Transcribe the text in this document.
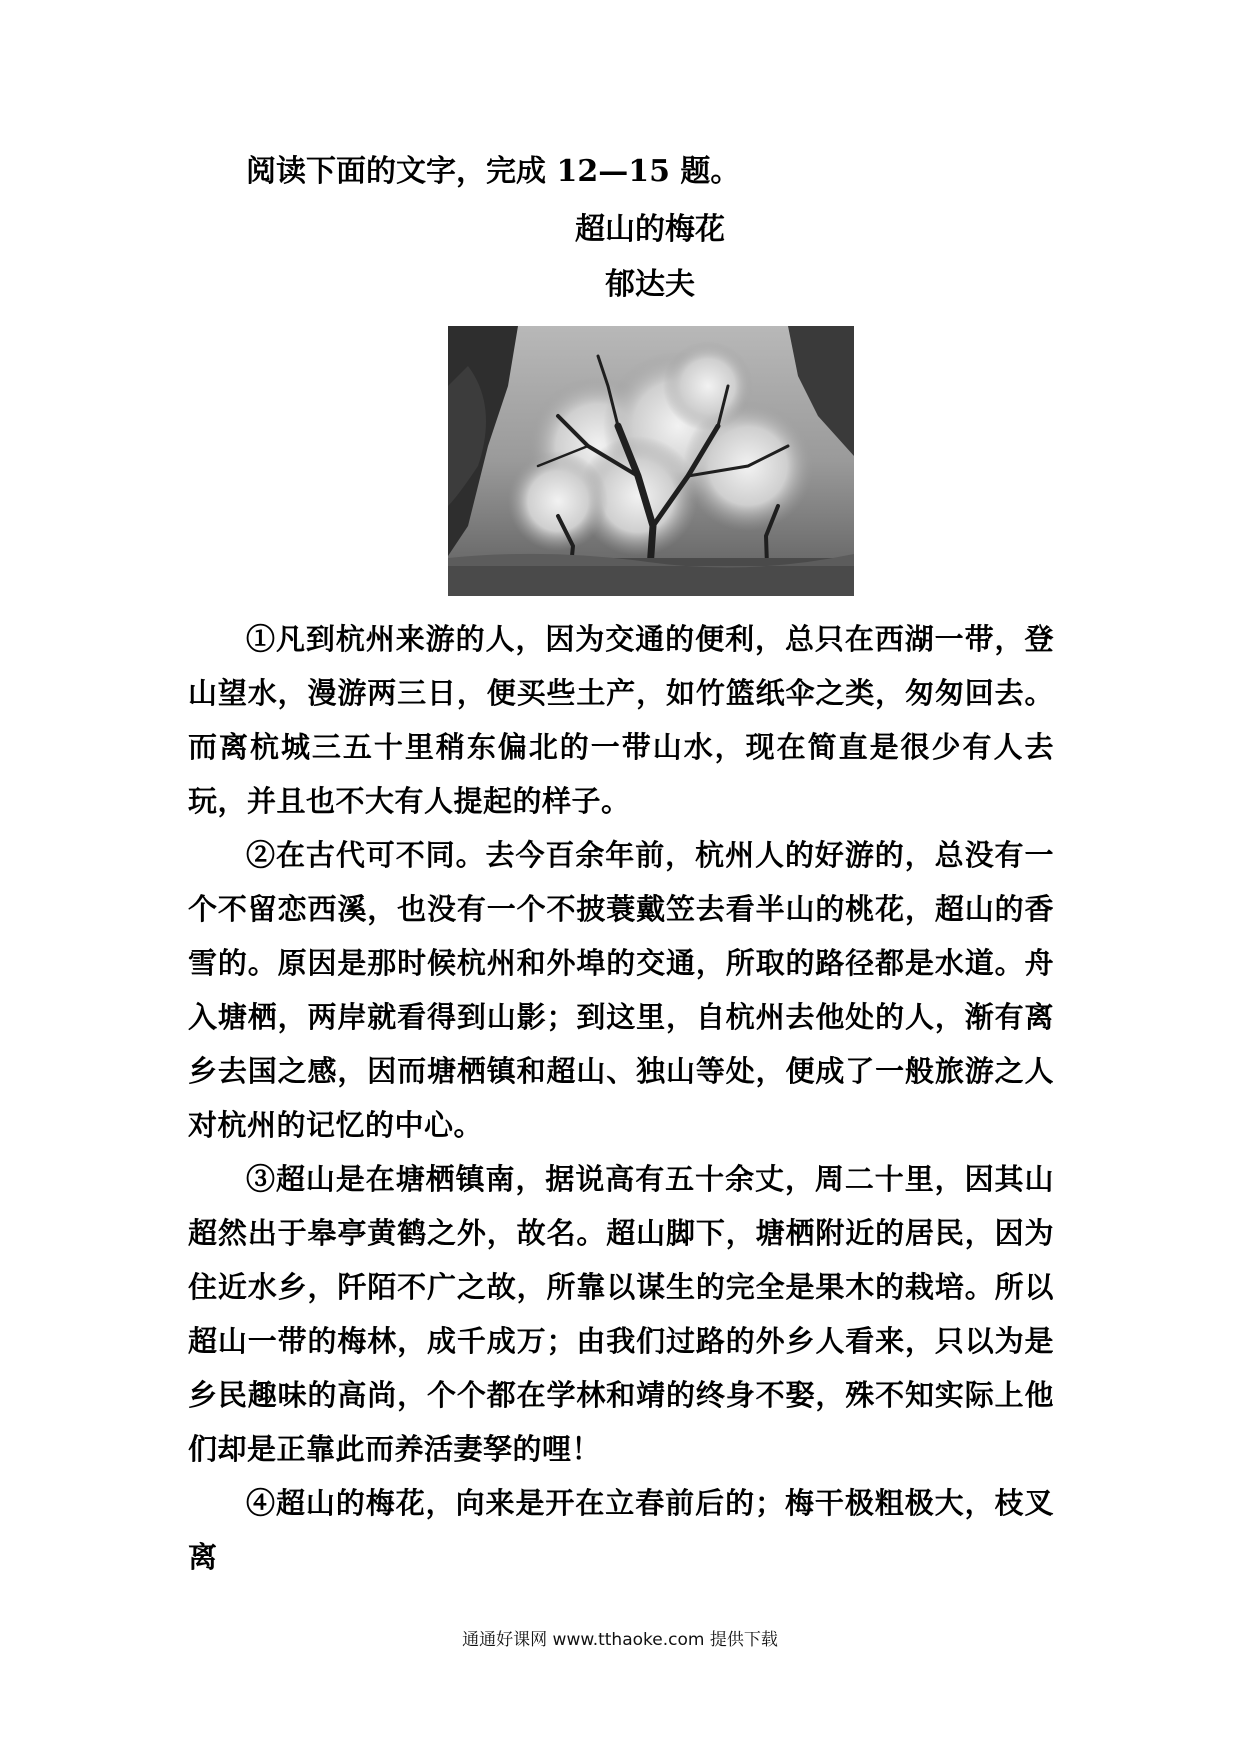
阅读下面的文字，完成 12—15 题。
超山的梅花
郁达夫

①凡到杭州来游的人，因为交通的便利，总只在西湖一带，登山望水，漫游两三日，便买些土产，如竹篮纸伞之类，匆匆回去。而离杭城三五十里稍东偏北的一带山水，现在简直是很少有人去玩，并且也不大有人提起的样子。

②在古代可不同。去今百余年前，杭州人的好游的，总没有一个不留恋西溪，也没有一个不披蓑戴笠去看半山的桃花，超山的香雪的。原因是那时候杭州和外埠的交通，所取的路径都是水道。舟入塘栖，两岸就看得到山影；到这里，自杭州去他处的人，渐有离乡去国之感，因而塘栖镇和超山、独山等处，便成了一般旅游之人对杭州的记忆的中心。

③超山是在塘栖镇南，据说高有五十余丈，周二十里，因其山超然出于皋亭黄鹤之外，故名。超山脚下，塘栖附近的居民，因为住近水乡，阡陌不广之故，所靠以谋生的完全是果木的栽培。所以超山一带的梅林，成千成万；由我们过路的外乡人看来，只以为是乡民趣味的高尚，个个都在学林和靖的终身不娶，殊不知实际上他们却是正靠此而养活妻孥的哩！

④超山的梅花，向来是开在立春前后的；梅干极粗极大，枝叉离

通通好课网 www.tthaoke.com 提供下载
